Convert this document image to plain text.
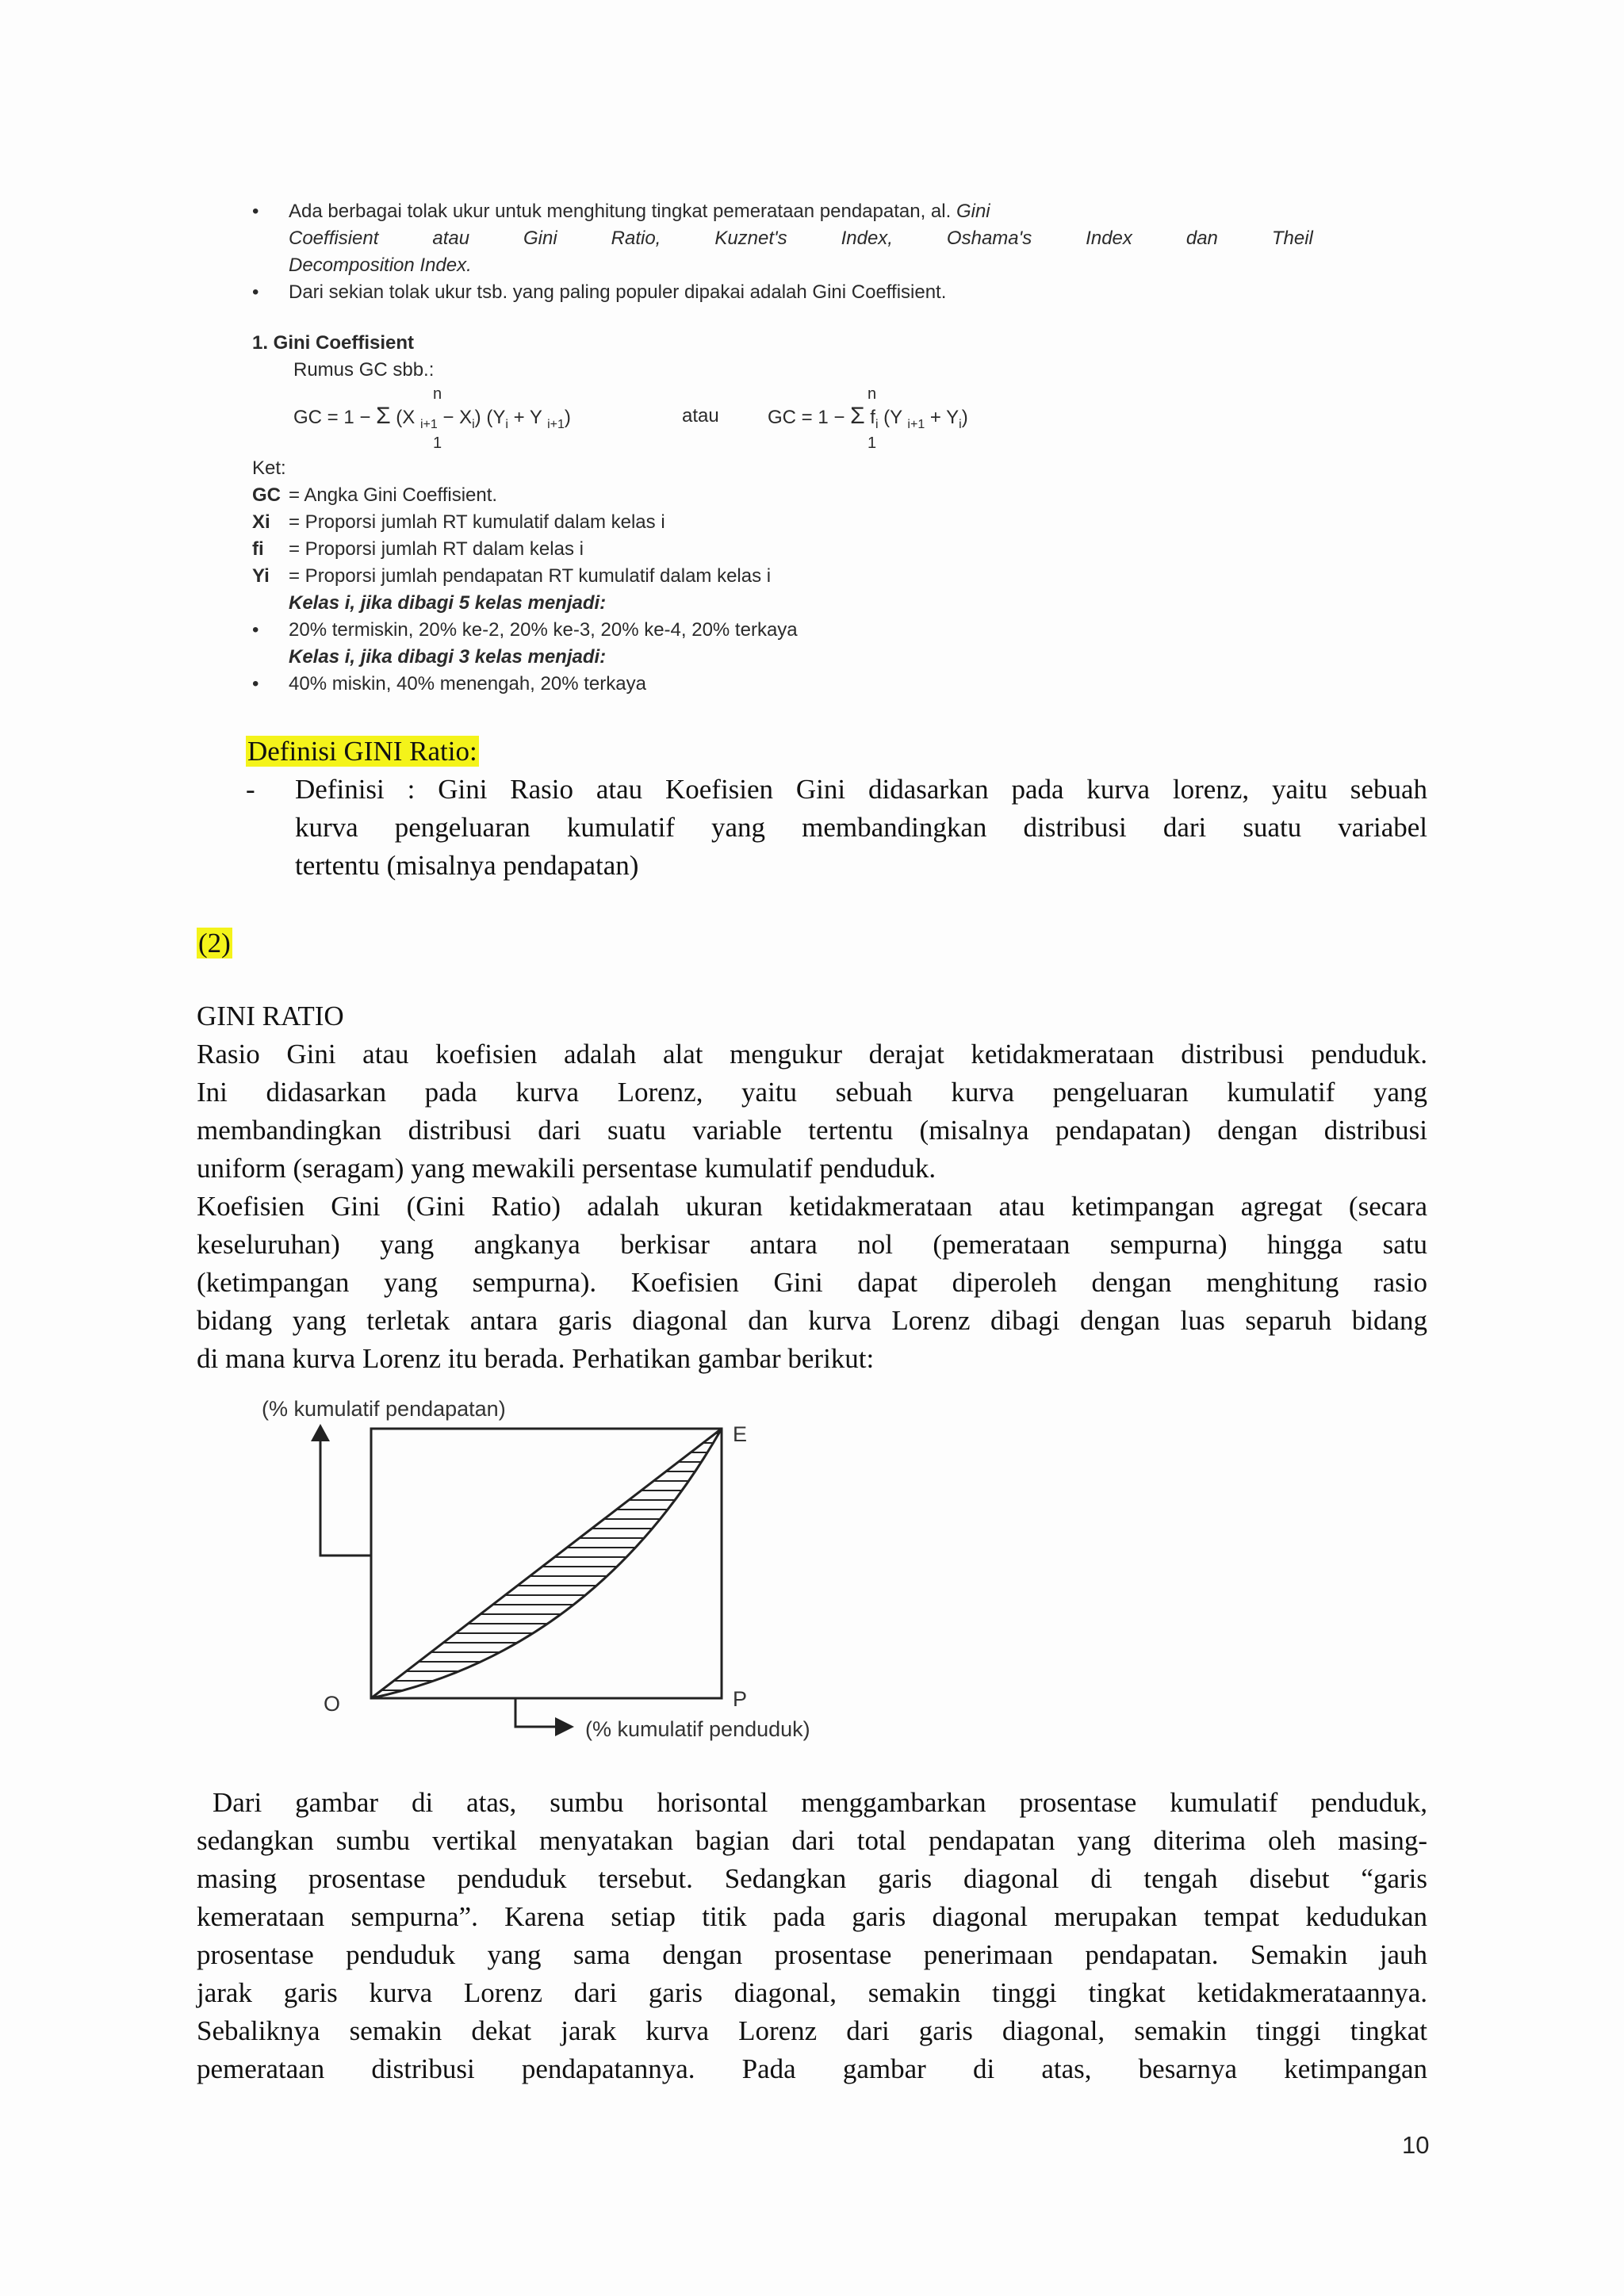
•	Ada berbagai tolak ukur untuk menghitung tingkat pemerataan pendapatan, al. Gini
Coeffisient	atau	Gini	Ratio,	Kuznet's	Index,	Oshama's	Index	dan	Theil
Decomposition Index.
•	Dari sekian tolak ukur tsb. yang paling populer dipakai adalah Gini Coeffisient.
1. Gini Coeffisient
Rumus GC sbb.:
n
GC = 1 − Σ (X $_{i+1} - X_i$) ($Y_i + Y$ $_{i+1}$)
1
atau
n
GC = 1 − Σ $f_i$ (Y $_{i+1} + Y_i$)
1
Ket:
GC = Angka Gini Coeffisient.
Xi = Proporsi jumlah RT kumulatif dalam kelas i
fi = Proporsi jumlah RT dalam kelas i
Yi = Proporsi jumlah pendapatan RT kumulatif dalam kelas i
Kelas i, jika dibagi 5 kelas menjadi:
•	20% termiskin, 20% ke-2, 20% ke-3, 20% ke-4, 20% terkaya
Kelas i, jika dibagi 3 kelas menjadi:
•	40% miskin, 40% menengah, 20% terkaya
Definisi GINI Ratio:
- Definisi : Gini Rasio atau Koefisien Gini didasarkan pada kurva lorenz, yaitu sebuah
kurva pengeluaran kumulatif yang membandingkan distribusi dari suatu variabel
tertentu (misalnya pendapatan)
(2)
GINI RATIO
Rasio Gini atau koefisien adalah alat mengukur derajat ketidakmerataan distribusi penduduk.
Ini didasarkan pada kurva Lorenz, yaitu sebuah kurva pengeluaran kumulatif yang
membandingkan distribusi dari suatu variable tertentu (misalnya pendapatan) dengan distribusi
uniform (seragam) yang mewakili persentase kumulatif penduduk.
Koefisien Gini (Gini Ratio) adalah ukuran ketidakmerataan atau ketimpangan agregat (secara
keseluruhan) yang angkanya berkisar antara nol (pemerataan sempurna) hingga satu
(ketimpangan yang sempurna). Koefisien Gini dapat diperoleh dengan menghitung rasio
bidang yang terletak antara garis diagonal dan kurva Lorenz dibagi dengan luas separuh bidang
di mana kurva Lorenz itu berada. Perhatikan gambar berikut:
(% kumulatif pendapatan)
E
O	P
(% kumulatif penduduk)
Dari gambar di atas, sumbu horisontal menggambarkan prosentase kumulatif penduduk,
sedangkan sumbu vertikal menyatakan bagian dari total pendapatan yang diterima oleh masing-
masing prosentase penduduk tersebut. Sedangkan garis diagonal di tengah disebut “garis
kemerataan sempurna”. Karena setiap titik pada garis diagonal merupakan tempat kedudukan
prosentase penduduk yang sama dengan prosentase penerimaan pendapatan. Semakin jauh
jarak garis kurva Lorenz dari garis diagonal, semakin tinggi tingkat ketidakmerataannya.
Sebaliknya semakin dekat jarak kurva Lorenz dari garis diagonal, semakin tinggi tingkat
pemerataan distribusi pendapatannya. Pada gambar di atas, besarnya ketimpangan
10
